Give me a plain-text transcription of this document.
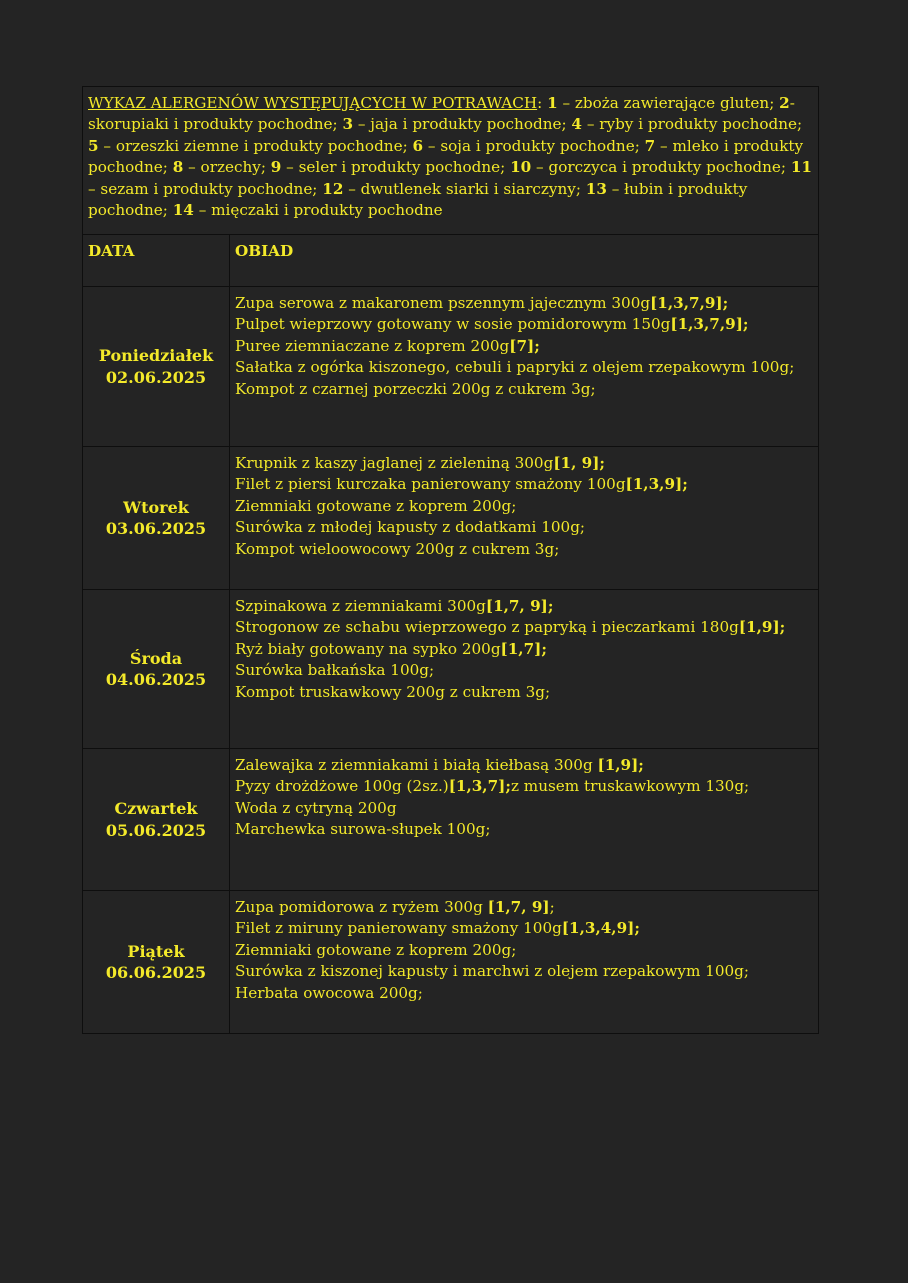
WYKAZ ALERGENÓW WYSTĘPUJĄCYCH W POTRAWACH: 1 – zboża zawierające gluten; 2-skorupiaki i produkty pochodne; 3 – jaja i produkty pochodne; 4 – ryby i produkty pochodne; 5 – orzeszki ziemne i produkty pochodne; 6 – soja i produkty pochodne; 7 – mleko i produkty pochodne; 8 – orzechy; 9 – seler i produkty pochodne; 10 – gorczyca i produkty pochodne; 11 – sezam i produkty pochodne; 12 – dwutlenek siarki i siarczyny; 13 – łubin i produkty pochodne; 14 – mięczaki i produkty pochodne	
DATA	OBIAD
Poniedziałek
02.06.2025	Zupa serowa z makaronem pszennym jajecznym 300g[1,3,7,9];
Pulpet wieprzowy gotowany w sosie pomidorowym 150g[1,3,7,9];
Puree ziemniaczane z koprem 200g[7];
Sałatka z ogórka kiszonego, cebuli i papryki z olejem rzepakowym 100g;
Kompot z czarnej porzeczki 200g z cukrem 3g;

Wtorek
03.06.2025	Krupnik z kaszy jaglanej z zieleniną 300g[1, 9];
Filet z piersi kurczaka panierowany smażony 100g[1,3,9];
Ziemniaki gotowane z koprem 200g;
Surówka z młodej kapusty z dodatkami 100g;
Kompot wieloowocowy 200g z cukrem 3g;

Środa
04.06.2025	Szpinakowa z ziemniakami 300g[1,7, 9];
Strogonow ze schabu wieprzowego z papryką i pieczarkami 180g[1,9];
Ryż biały gotowany na sypko 200g[1,7];
Surówka bałkańska 100g;
Kompot truskawkowy 200g z cukrem 3g;

Czwartek
05.06.2025	Zalewajka z ziemniakami i białą kiełbasą 300g [1,9];
Pyzy drożdżowe 100g (2sz.)[1,3,7];z musem truskawkowym 130g;
Woda z cytryną 200g
Marchewka surowa-słupek 100g;

Piątek
06.06.2025	Zupa pomidorowa z ryżem 300g [1,7, 9];
Filet z miruny panierowany smażony 100g[1,3,4,9];
Ziemniaki gotowane z koprem 200g;
Surówka z kiszonej kapusty i marchwi z olejem rzepakowym 100g;
Herbata owocowa 200g;
